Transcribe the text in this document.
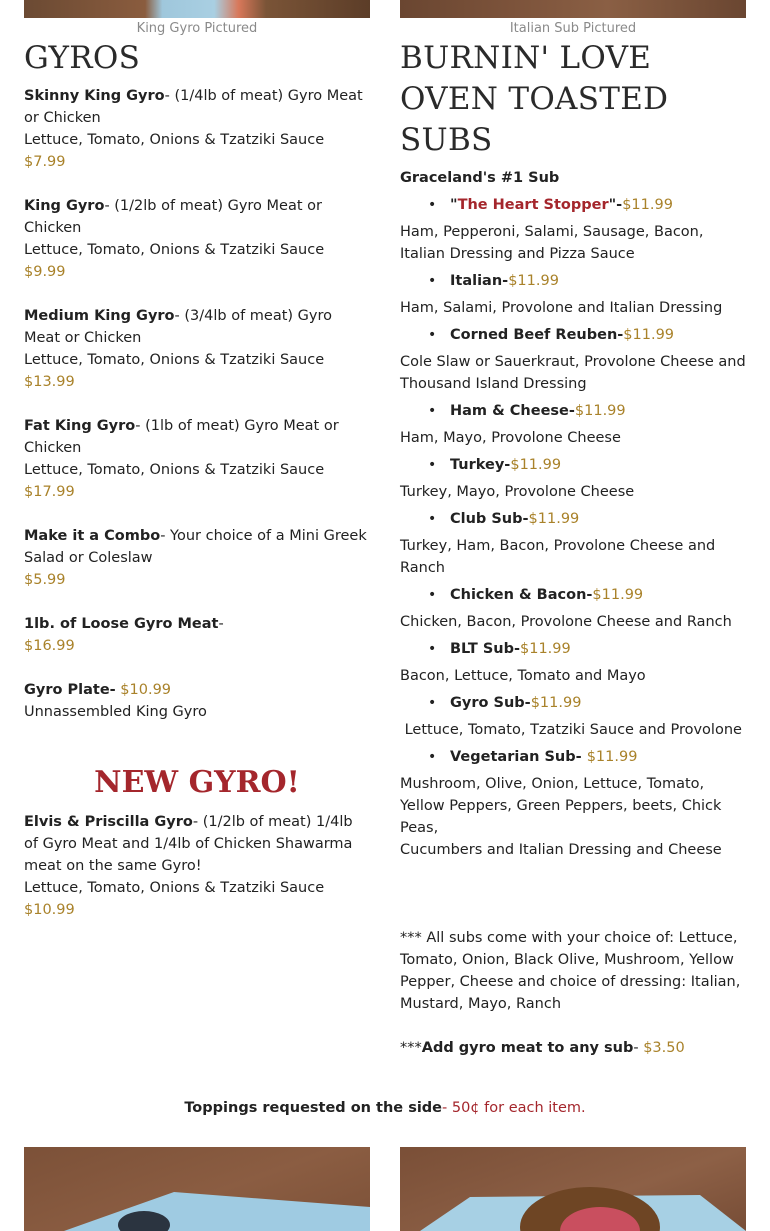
King Gyro Pictured	Italian Sub Pictured
GYROS

Skinny King Gyro- (1/4lb of meat) Gyro Meat or Chicken

Lettuce, Tomato, Onions & Tzatziki Sauce

$7.99

King Gyro- (1/2lb of meat) Gyro Meat or Chicken

Lettuce, Tomato, Onions & Tzatziki Sauce

$9.99

Medium King Gyro- (3/4lb of meat) Gyro Meat or Chicken

Lettuce, Tomato, Onions & Tzatziki Sauce

$13.99

Fat King Gyro- (1lb of meat) Gyro Meat or Chicken

Lettuce, Tomato, Onions & Tzatziki Sauce

$17.99

Make it a Combo- Your choice of a Mini Greek Salad or Coleslaw

$5.99

1lb. of Loose Gyro Meat-

$16.99

Gyro Plate- $10.99

Unnassembled King Gyro

NEW GYRO!

Elvis & Priscilla Gyro- (1/2lb of meat) 1/4lb of Gyro Meat and 1/4lb of Chicken Shawarma meat on the same Gyro!

Lettuce, Tomato, Onions & Tzatziki Sauce

$10.99

BURNIN' LOVE OVEN TOASTED SUBS

Graceland's #1 Sub

• "The Heart Stopper"-$11.99

Ham, Pepperoni, Salami, Sausage, Bacon, Italian Dressing and Pizza Sauce

• Italian-$11.99

Ham, Salami, Provolone and Italian Dressing

• Corned Beef Reuben-$11.99

Cole Slaw or Sauerkraut, Provolone Cheese and Thousand Island Dressing

• Ham & Cheese-$11.99

Ham, Mayo, Provolone Cheese

• Turkey-$11.99

Turkey, Mayo, Provolone Cheese

• Club Sub-$11.99

Turkey, Ham, Bacon, Provolone Cheese and Ranch

• Chicken & Bacon-$11.99

Chicken, Bacon, Provolone Cheese and Ranch

• BLT Sub-$11.99

Bacon, Lettuce, Tomato and Mayo

• Gyro Sub-$11.99

Lettuce, Tomato, Tzatziki Sauce and Provolone

• Vegetarian Sub- $11.99

Mushroom, Olive, Onion, Lettuce, Tomato, Yellow Peppers, Green Peppers, beets, Chick Peas,

Cucumbers and Italian Dressing and Cheese

*** All subs come with your choice of: Lettuce, Tomato, Onion, Black Olive, Mushroom, Yellow Pepper, Cheese and choice of dressing: Italian, Mustard, Mayo, Ranch

***Add gyro meat to any sub- $3.50

Toppings requested on the side- 50¢ for each item.
